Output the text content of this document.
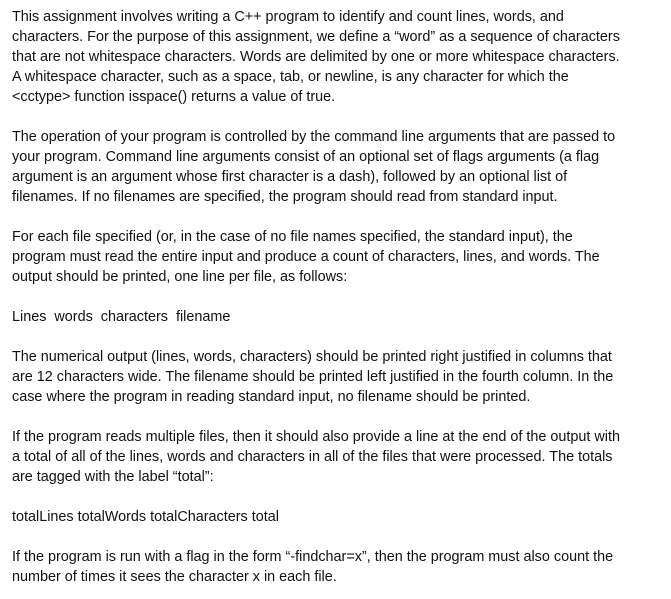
This assignment involves writing a C++ program to identify and count lines, words, and
characters. For the purpose of this assignment, we define a “word” as a sequence of characters
that are not whitespace characters. Words are delimited by one or more whitespace characters.
A whitespace character, such as a space, tab, or newline, is any character for which the
<cctype> function isspace() returns a value of true.

The operation of your program is controlled by the command line arguments that are passed to
your program. Command line arguments consist of an optional set of flags arguments (a flag
argument is an argument whose first character is a dash), followed by an optional list of
filenames. If no filenames are specified, the program should read from standard input.

For each file specified (or, in the case of no file names specified, the standard input), the
program must read the entire input and produce a count of characters, lines, and words. The
output should be printed, one line per file, as follows:

Lines  words  characters  filename

The numerical output (lines, words, characters) should be printed right justified in columns that
are 12 characters wide. The filename should be printed left justified in the fourth column. In the
case where the program in reading standard input, no filename should be printed.

If the program reads multiple files, then it should also provide a line at the end of the output with
a total of all of the lines, words and characters in all of the files that were processed. The totals
are tagged with the label “total”:

totalLines totalWords totalCharacters total

If the program is run with a flag in the form “-findchar=x”, then the program must also count the
number of times it sees the character x in each file.
